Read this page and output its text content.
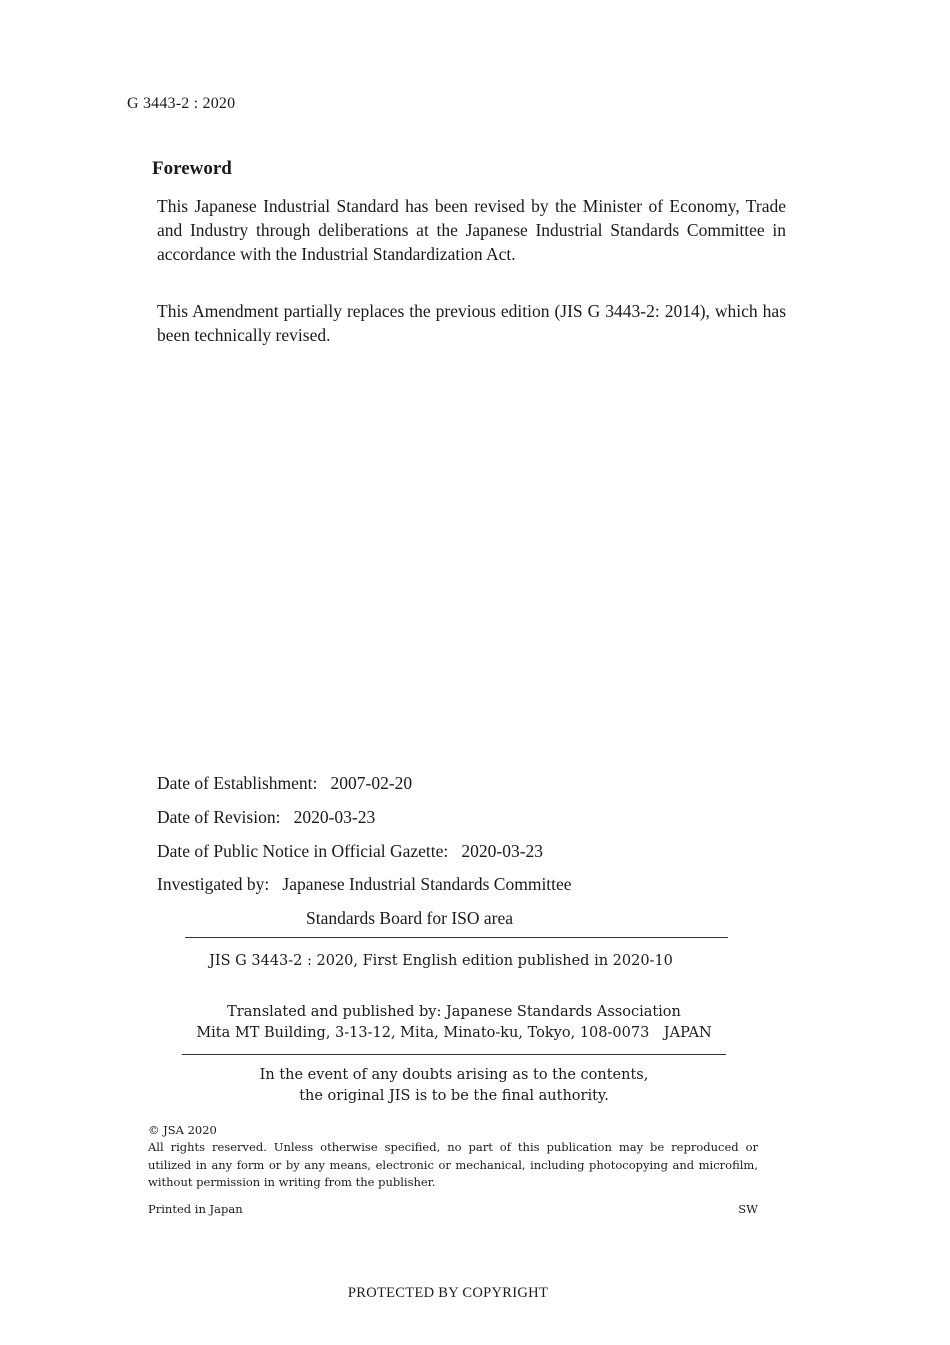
G 3443-2 : 2020
Foreword
This Japanese Industrial Standard has been revised by the Minister of Economy, Trade and Industry through deliberations at the Japanese Industrial Standards Committee in accordance with the Industrial Standardization Act.
This Amendment partially replaces the previous edition (JIS G 3443-2: 2014), which has been technically revised.
Date of Establishment: 2007-02-20
Date of Revision: 2020-03-23
Date of Public Notice in Official Gazette: 2020-03-23
Investigated by: Japanese Industrial Standards Committee
Standards Board for ISO area
JIS G 3443-2 : 2020, First English edition published in 2020-10
Translated and published by: Japanese Standards Association
Mita MT Building, 3-13-12, Mita, Minato-ku, Tokyo, 108-0073　JAPAN
In the event of any doubts arising as to the contents,
the original JIS is to be the final authority.
© JSA 2020
All rights reserved. Unless otherwise specified, no part of this publication may be reproduced or utilized in any form or by any means, electronic or mechanical, including photocopying and microfilm, without permission in writing from the publisher.
Printed in Japan	SW
PROTECTED BY COPYRIGHT
